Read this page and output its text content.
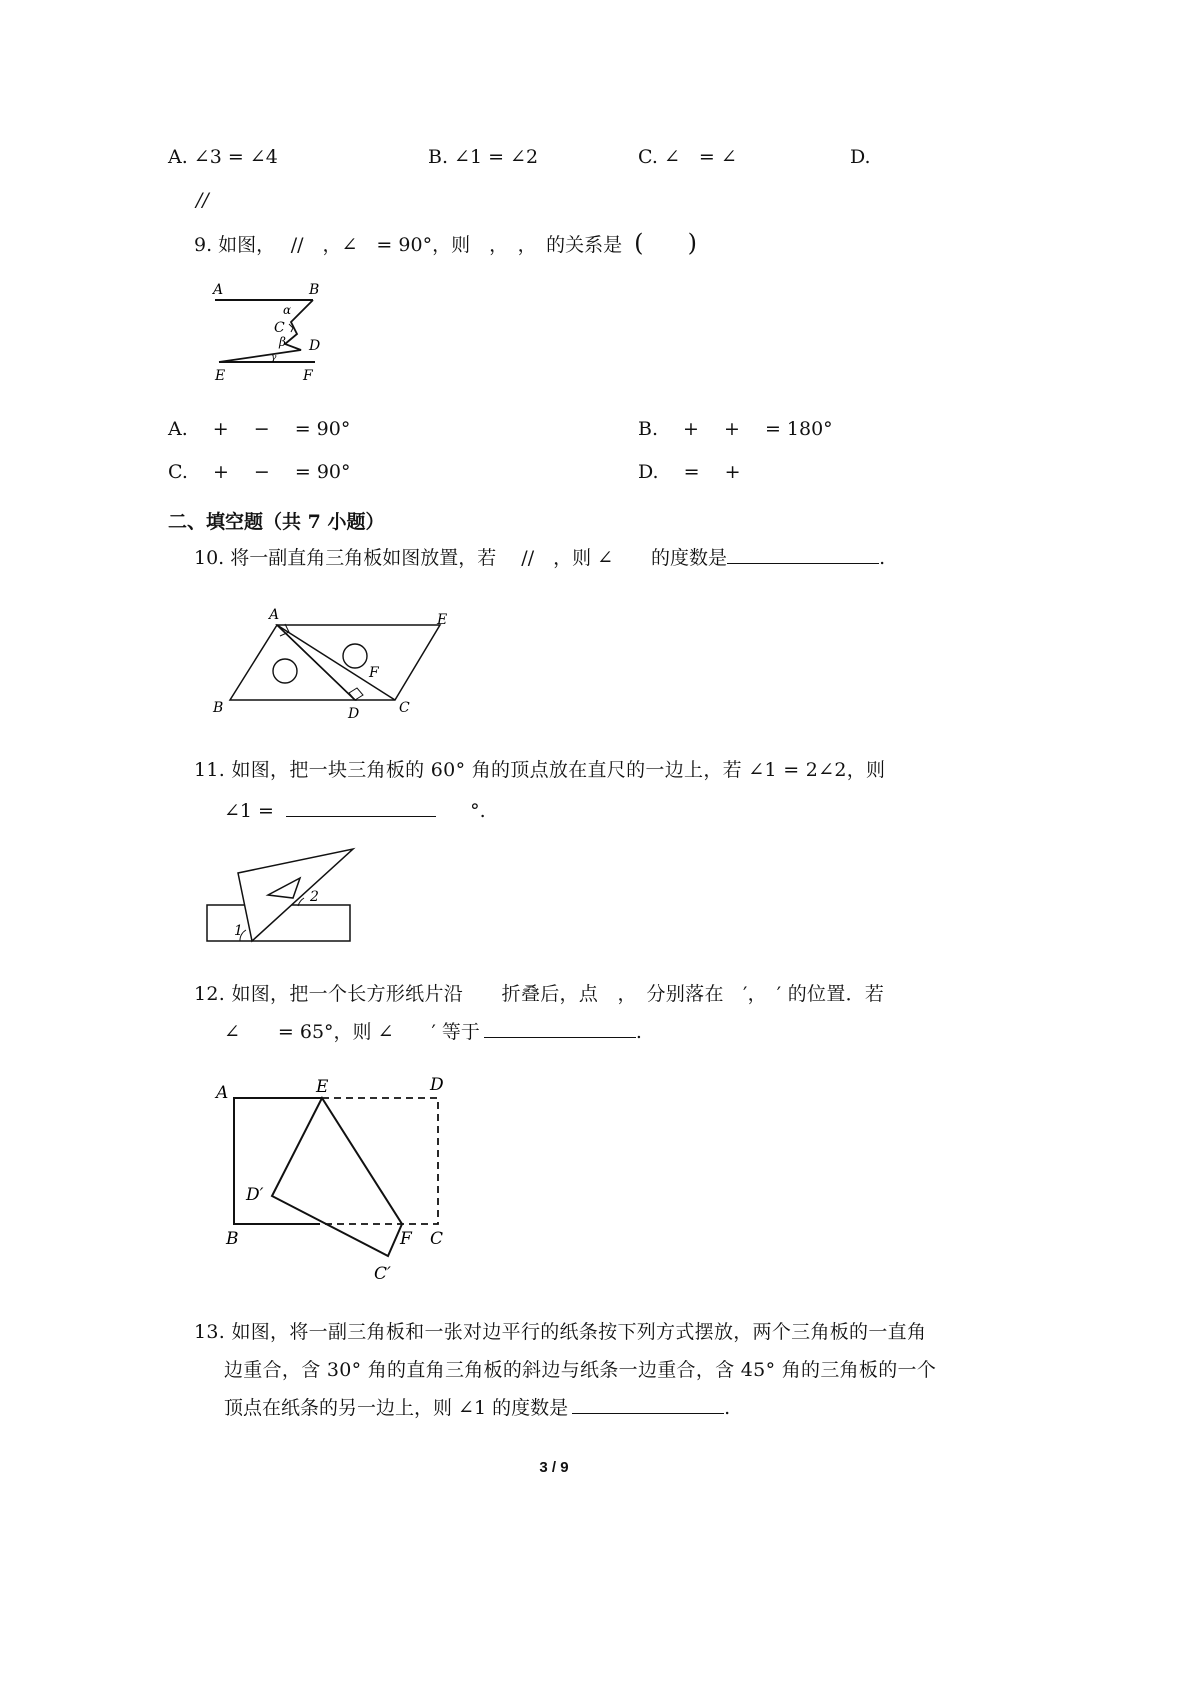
A. ∠3 = ∠4	B. ∠1 = ∠2	C. ∠　= ∠	D.
//
9. 如图，　 //　，∠　= 90°，则　，　，　的关系是 ( )
A	B
C
D
E	F
α
β
γ
A.　 +　 −　 = 90°	B.　 +　 +　 = 180°
C.　 +　 −　 = 90°	D.　 =　 +
二、填空题（共 7 小题）
10. 将一副直角三角板如图放置，若　 //　，则 ∠　　的度数是	.
A
B	C
D
E
F
11. 如图，把一块三角板的 60° 角的顶点放在直尺的一边上，若 ∠1 = 2∠2，则
∠1 =	°.
1
2
12. 如图，把一个长方形纸片沿　　折叠后，点　，　分别落在　′，　′ 的位置．若
∠　　= 65°，则 ∠　　′ 等于	.
A	E	D
D′
B	F C
C′
13. 如图，将一副三角板和一张对边平行的纸条按下列方式摆放，两个三角板的一直角
边重合，含 30° 角的直角三角板的斜边与纸条一边重合，含 45° 角的三角板的一个
顶点在纸条的另一边上，则 ∠1 的度数是	.
3 / 9
